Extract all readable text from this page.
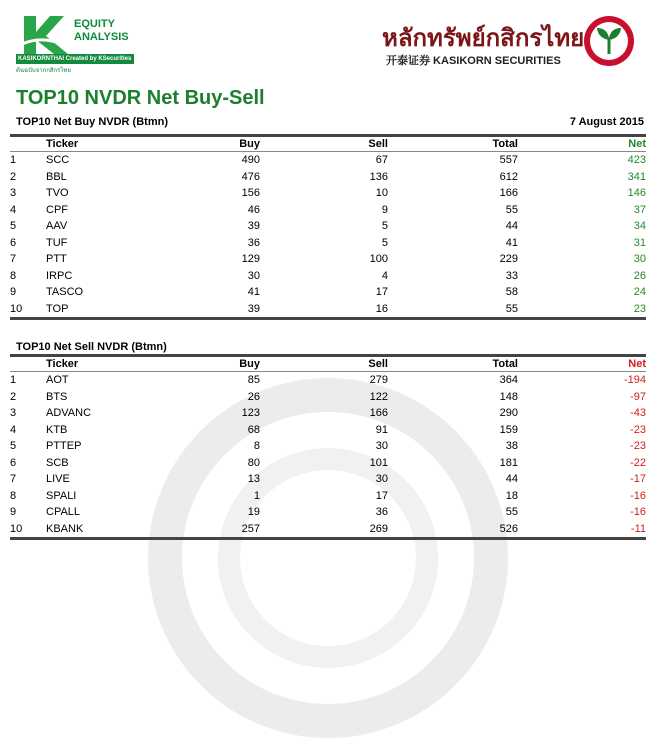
EQUITY
ANALYSIS
KASIKORNTHAI Created by KSecurities
ต้นฉบับจากกสิกรไทย
หลักทรัพย์กสิกรไทย
开泰证券 KASIKORN SECURITIES
TOP10 NVDR Net Buy-Sell
TOP10 Net Buy NVDR (Btmn)	7 August 2015
	Ticker	Buy	Sell	Total	Net
1	SCC	490	67	557	423
2	BBL	476	136	612	341
3	TVO	156	10	166	146
4	CPF	46	9	55	37
5	AAV	39	5	44	34
6	TUF	36	5	41	31
7	PTT	129	100	229	30
8	IRPC	30	4	33	26
9	TASCO	41	17	58	24
10	TOP	39	16	55	23
TOP10 Net Sell NVDR (Btmn)
	Ticker	Buy	Sell	Total	Net
1	AOT	85	279	364	-194
2	BTS	26	122	148	-97
3	ADVANC	123	166	290	-43
4	KTB	68	91	159	-23
5	PTTEP	8	30	38	-23
6	SCB	80	101	181	-22
7	LIVE	13	30	44	-17
8	SPALI	1	17	18	-16
9	CPALL	19	36	55	-16
10	KBANK	257	269	526	-11
